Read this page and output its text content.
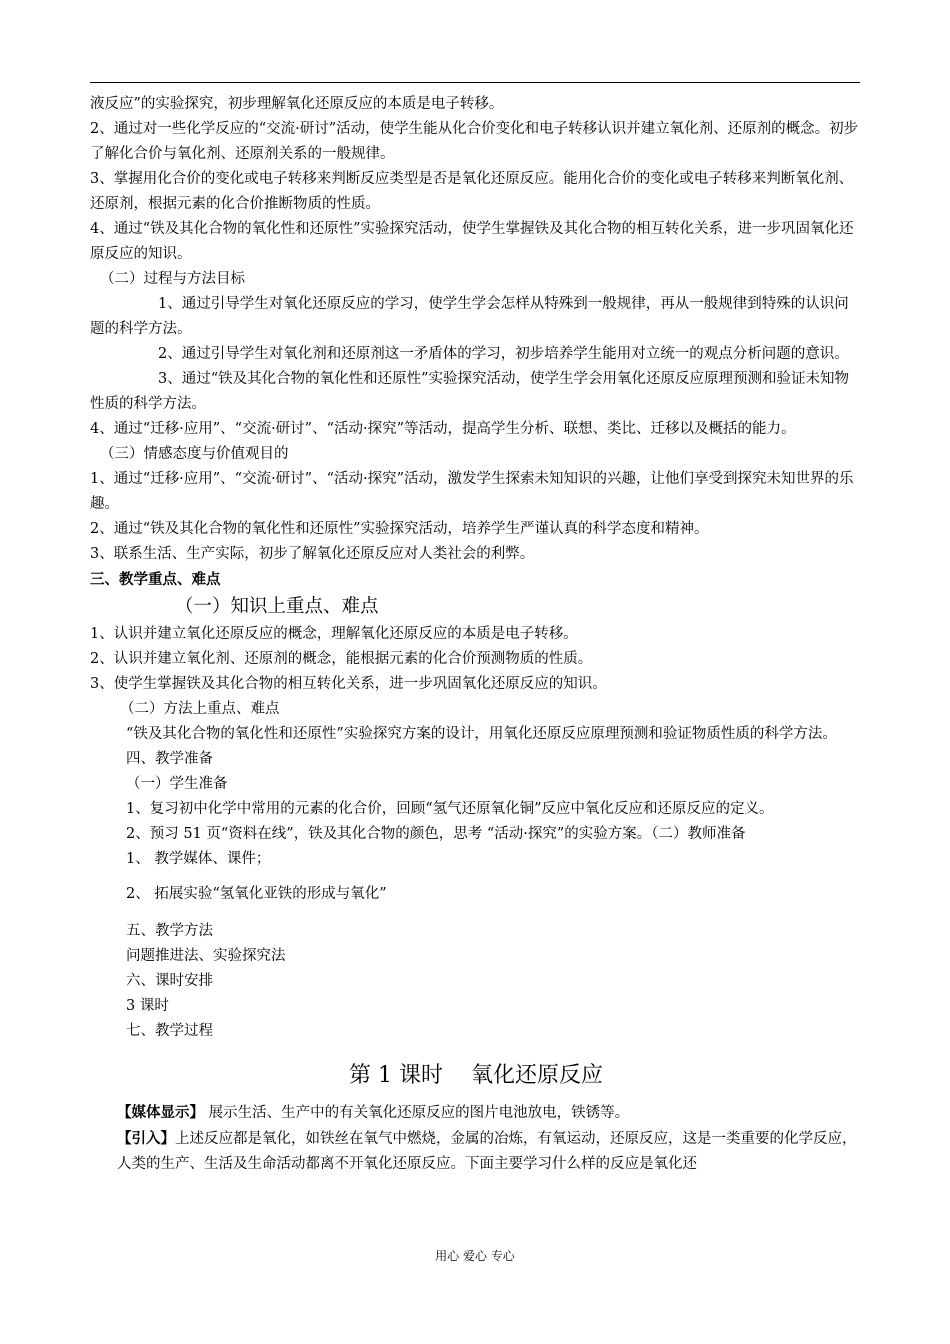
液反应”的实验探究，初步理解氧化还原反应的本质是电子转移。

2、通过对一些化学反应的“交流·研讨”活动，使学生能从化合价变化和电子转移认识并建立氧化剂、还原剂的概念。初步了解化合价与氧化剂、还原剂关系的一般规律。

3、掌握用化合价的变化或电子转移来判断反应类型是否是氧化还原反应。能用化合价的变化或电子转移来判断氧化剂、还原剂，根据元素的化合价推断物质的性质。

4、通过“铁及其化合物的氧化性和还原性”实验探究活动，使学生掌握铁及其化合物的相互转化关系，进一步巩固氧化还原反应的知识。

（二）过程与方法目标

1、通过引导学生对氧化还原反应的学习，使学生学会怎样从特殊到一般规律，再从一般规律到特殊的认识问题的科学方法。

2、通过引导学生对氧化剂和还原剂这一矛盾体的学习，初步培养学生能用对立统一的观点分析问题的意识。

3、通过“铁及其化合物的氧化性和还原性”实验探究活动，使学生学会用氧化还原反应原理预测和验证未知物性质的科学方法。

4、通过“迁移·应用”、“交流·研讨”、“活动·探究”等活动，提高学生分析、联想、类比、迁移以及概括的能力。

（三）情感态度与价值观目的

1、通过“迁移·应用”、“交流·研讨”、“活动·探究”活动，激发学生探索未知知识的兴趣，让他们享受到探究未知世界的乐趣。

2、通过“铁及其化合物的氧化性和还原性”实验探究活动，培养学生严谨认真的科学态度和精神。

3、联系生活、生产实际，初步了解氧化还原反应对人类社会的利弊。

三、教学重点、难点

（一）知识上重点、难点

1、认识并建立氧化还原反应的概念，理解氧化还原反应的本质是电子转移。

2、认识并建立氧化剂、还原剂的概念，能根据元素的化合价预测物质的性质。

3、使学生掌握铁及其化合物的相互转化关系，进一步巩固氧化还原反应的知识。

（二）方法上重点、难点

“铁及其化合物的氧化性和还原性”实验探究方案的设计，用氧化还原反应原理预测和验证物质性质的科学方法。

四、教学准备

（一）学生准备

1、复习初中化学中常用的元素的化合价，回顾“氢气还原氧化铜”反应中氧化反应和还原反应的定义。

2、预习 51 页“资料在线”，铁及其化合物的颜色，思考 “活动·探究”的实验方案。（二）教师准备

1、 教学媒体、课件；

2、 拓展实验“氢氧化亚铁的形成与氧化”

五、教学方法

问题推进法、实验探究法

六、课时安排

3 课时

七、教学过程

第 1 课时 氧化还原反应

【媒体显示】 展示生活、生产中的有关氧化还原反应的图片电池放电，铁锈等。

【引入】上述反应都是氧化，如铁丝在氧气中燃烧，金属的冶炼，有氧运动，还原反应，这是一类重要的化学反应，人类的生产、生活及生命活动都离不开氧化还原反应。下面主要学习什么样的反应是氧化还

用心 爱心 专心
